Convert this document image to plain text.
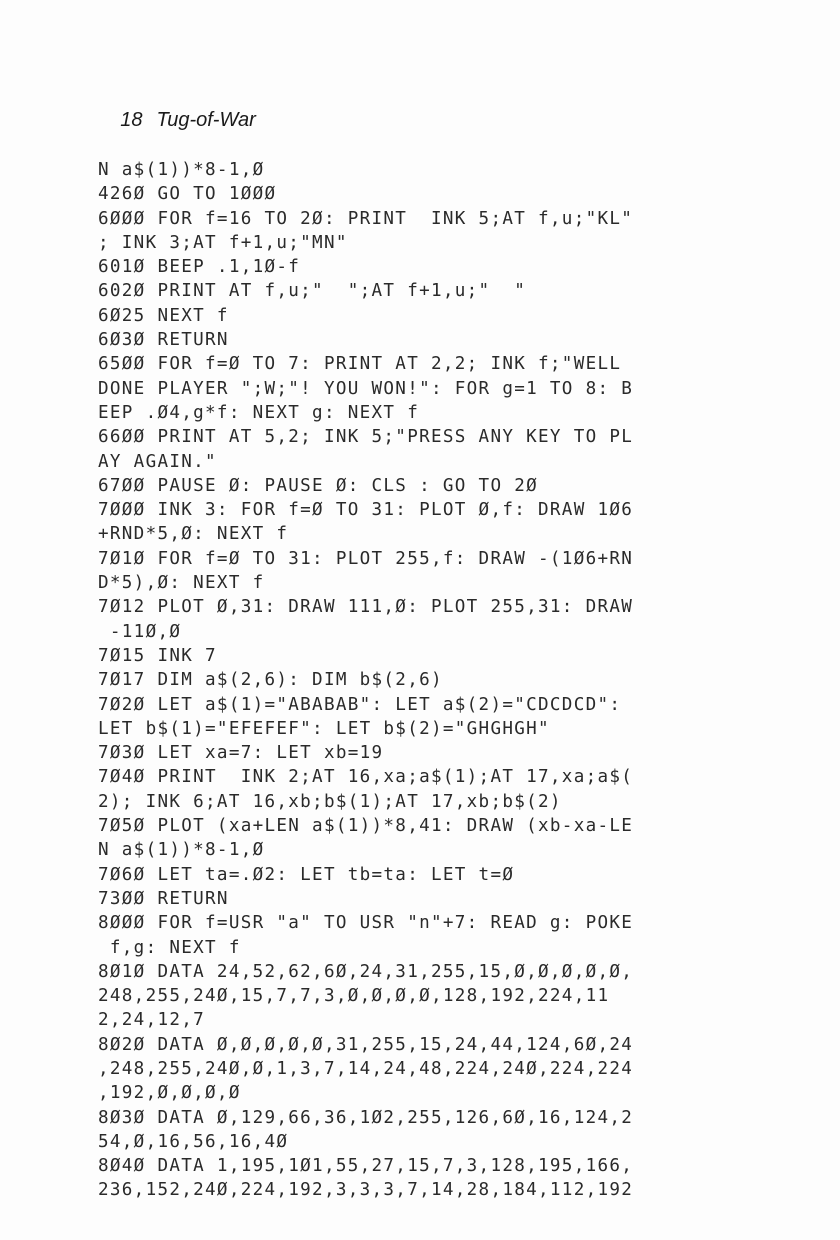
18 Tug-of-War

N a$(1))*8-1,Ø
426Ø GO TO 1ØØØ
6ØØØ FOR f=16 TO 2Ø: PRINT  INK 5;AT f,u;"KL"
; INK 3;AT f+1,u;"MN"
601Ø BEEP .1,1Ø-f
602Ø PRINT AT f,u;"  ";AT f+1,u;"  "
6Ø25 NEXT f
6Ø3Ø RETURN
65ØØ FOR f=Ø TO 7: PRINT AT 2,2; INK f;"WELL
DONE PLAYER ";W;"! YOU WON!": FOR g=1 TO 8: B
EEP .Ø4,g*f: NEXT g: NEXT f
66ØØ PRINT AT 5,2; INK 5;"PRESS ANY KEY TO PL
AY AGAIN."
67ØØ PAUSE Ø: PAUSE Ø: CLS : GO TO 2Ø
7ØØØ INK 3: FOR f=Ø TO 31: PLOT Ø,f: DRAW 1Ø6
+RND*5,Ø: NEXT f
7Ø1Ø FOR f=Ø TO 31: PLOT 255,f: DRAW -(1Ø6+RN
D*5),Ø: NEXT f
7Ø12 PLOT Ø,31: DRAW 111,Ø: PLOT 255,31: DRAW
-11Ø,Ø
7Ø15 INK 7
7Ø17 DIM a$(2,6): DIM b$(2,6)
7Ø2Ø LET a$(1)="ABABAB": LET a$(2)="CDCDCD":
LET b$(1)="EFEFEF": LET b$(2)="GHGHGH"
7Ø3Ø LET xa=7: LET xb=19
7Ø4Ø PRINT  INK 2;AT 16,xa;a$(1);AT 17,xa;a$(
2); INK 6;AT 16,xb;b$(1);AT 17,xb;b$(2)
7Ø5Ø PLOT (xa+LEN a$(1))*8,41: DRAW (xb-xa-LE
N a$(1))*8-1,Ø
7Ø6Ø LET ta=.Ø2: LET tb=ta: LET t=Ø
73ØØ RETURN
8ØØØ FOR f=USR "a" TO USR "n"+7: READ g: POKE
f,g: NEXT f
8Ø1Ø DATA 24,52,62,6Ø,24,31,255,15,Ø,Ø,Ø,Ø,Ø,
248,255,24Ø,15,7,7,3,Ø,Ø,Ø,Ø,128,192,224,11
2,24,12,7
8Ø2Ø DATA Ø,Ø,Ø,Ø,Ø,31,255,15,24,44,124,6Ø,24
,248,255,24Ø,Ø,1,3,7,14,24,48,224,24Ø,224,224
,192,Ø,Ø,Ø,Ø
8Ø3Ø DATA Ø,129,66,36,1Ø2,255,126,6Ø,16,124,2
54,Ø,16,56,16,4Ø
8Ø4Ø DATA 1,195,1Ø1,55,27,15,7,3,128,195,166,
236,152,24Ø,224,192,3,3,3,7,14,28,184,112,192
